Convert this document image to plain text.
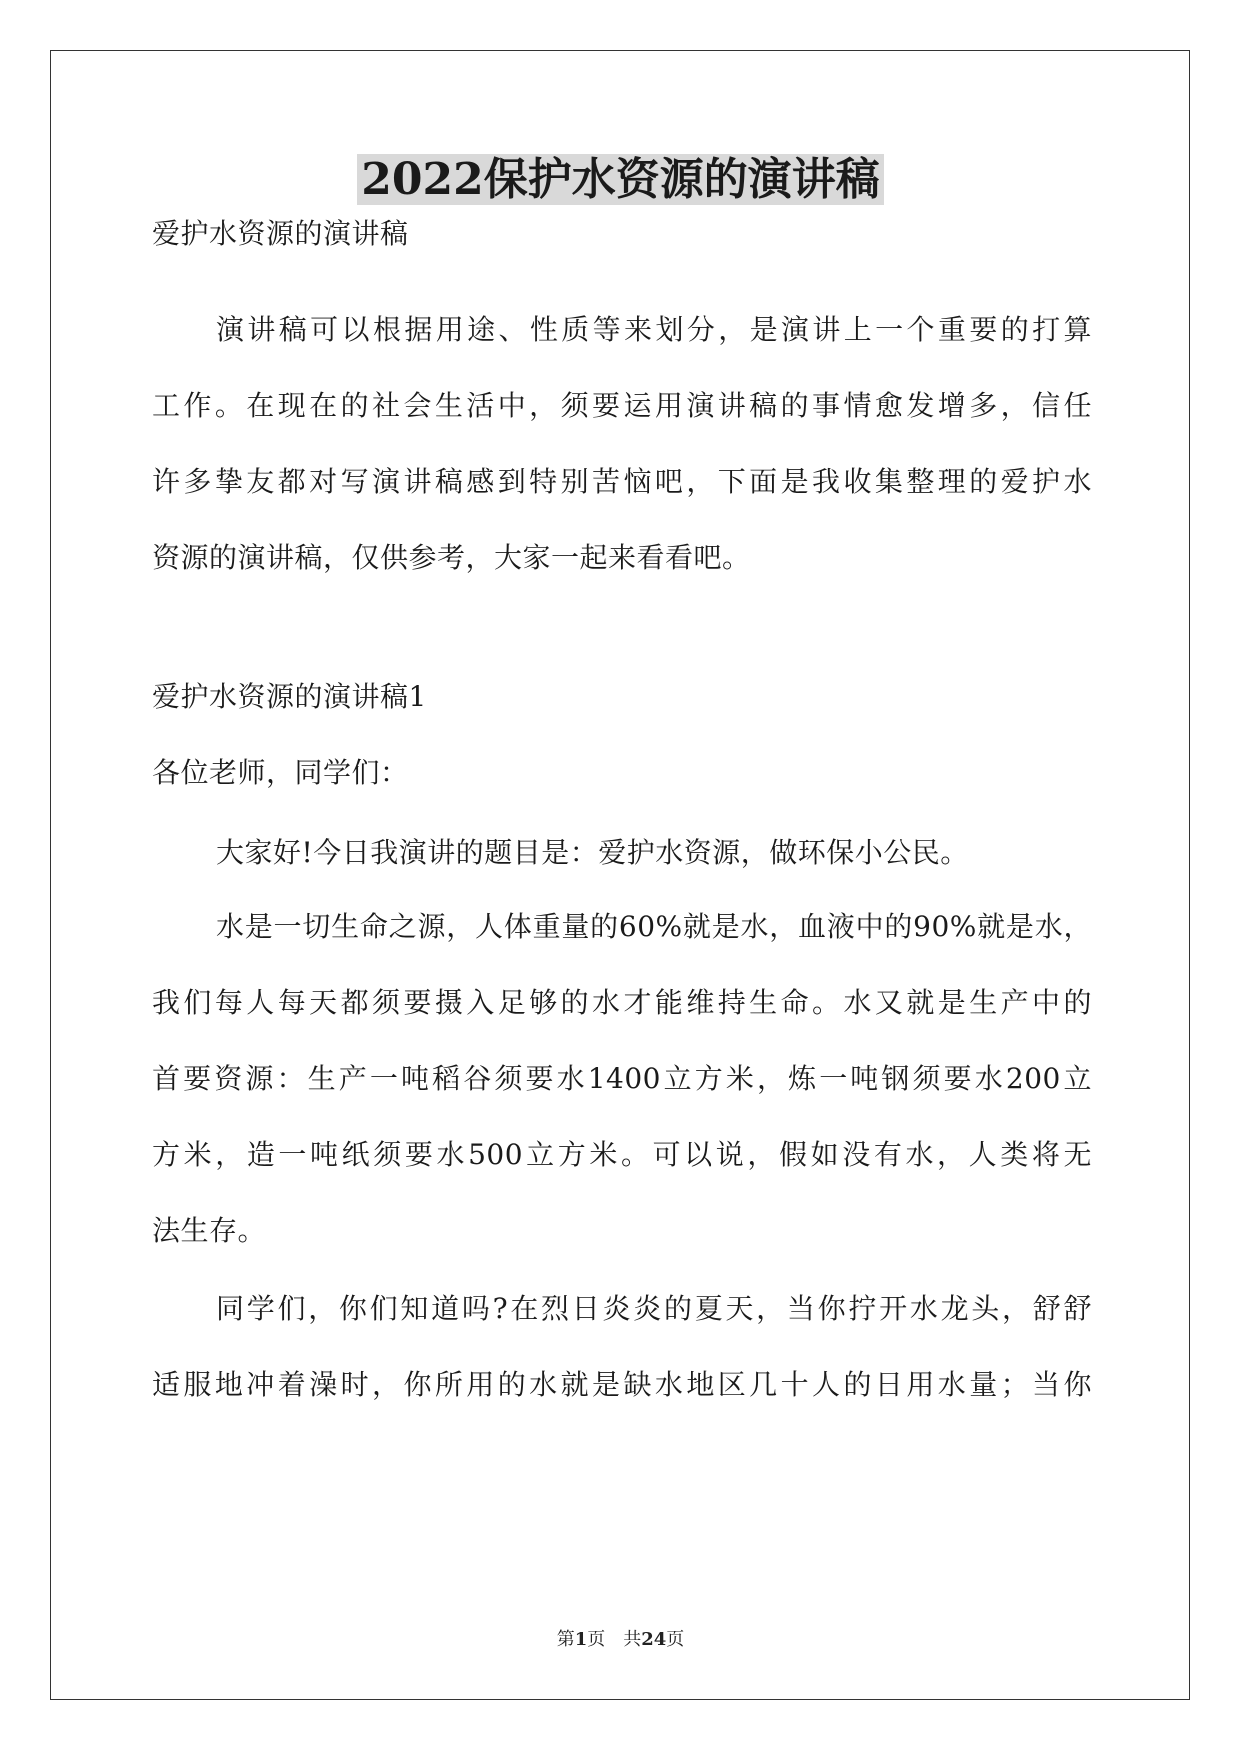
2022保护水资源的演讲稿
爱护水资源的演讲稿
演讲稿可以根据用途、性质等来划分，是演讲上一个重要的打算
工作。在现在的社会生活中，须要运用演讲稿的事情愈发增多，信任
许多挚友都对写演讲稿感到特别苦恼吧，下面是我收集整理的爱护水
资源的演讲稿，仅供参考，大家一起来看看吧。
爱护水资源的演讲稿1
各位老师，同学们：
大家好!今日我演讲的题目是：爱护水资源，做环保小公民。
水是一切生命之源，人体重量的60%就是水，血液中的90%就是水，
我们每人每天都须要摄入足够的水才能维持生命。水又就是生产中的
首要资源：生产一吨稻谷须要水1400立方米，炼一吨钢须要水200立
方米，造一吨纸须要水500立方米。可以说，假如没有水，人类将无
法生存。
同学们，你们知道吗?在烈日炎炎的夏天，当你拧开水龙头，舒舒
适服地冲着澡时，你所用的水就是缺水地区几十人的日用水量；当你
第1页　共24页
